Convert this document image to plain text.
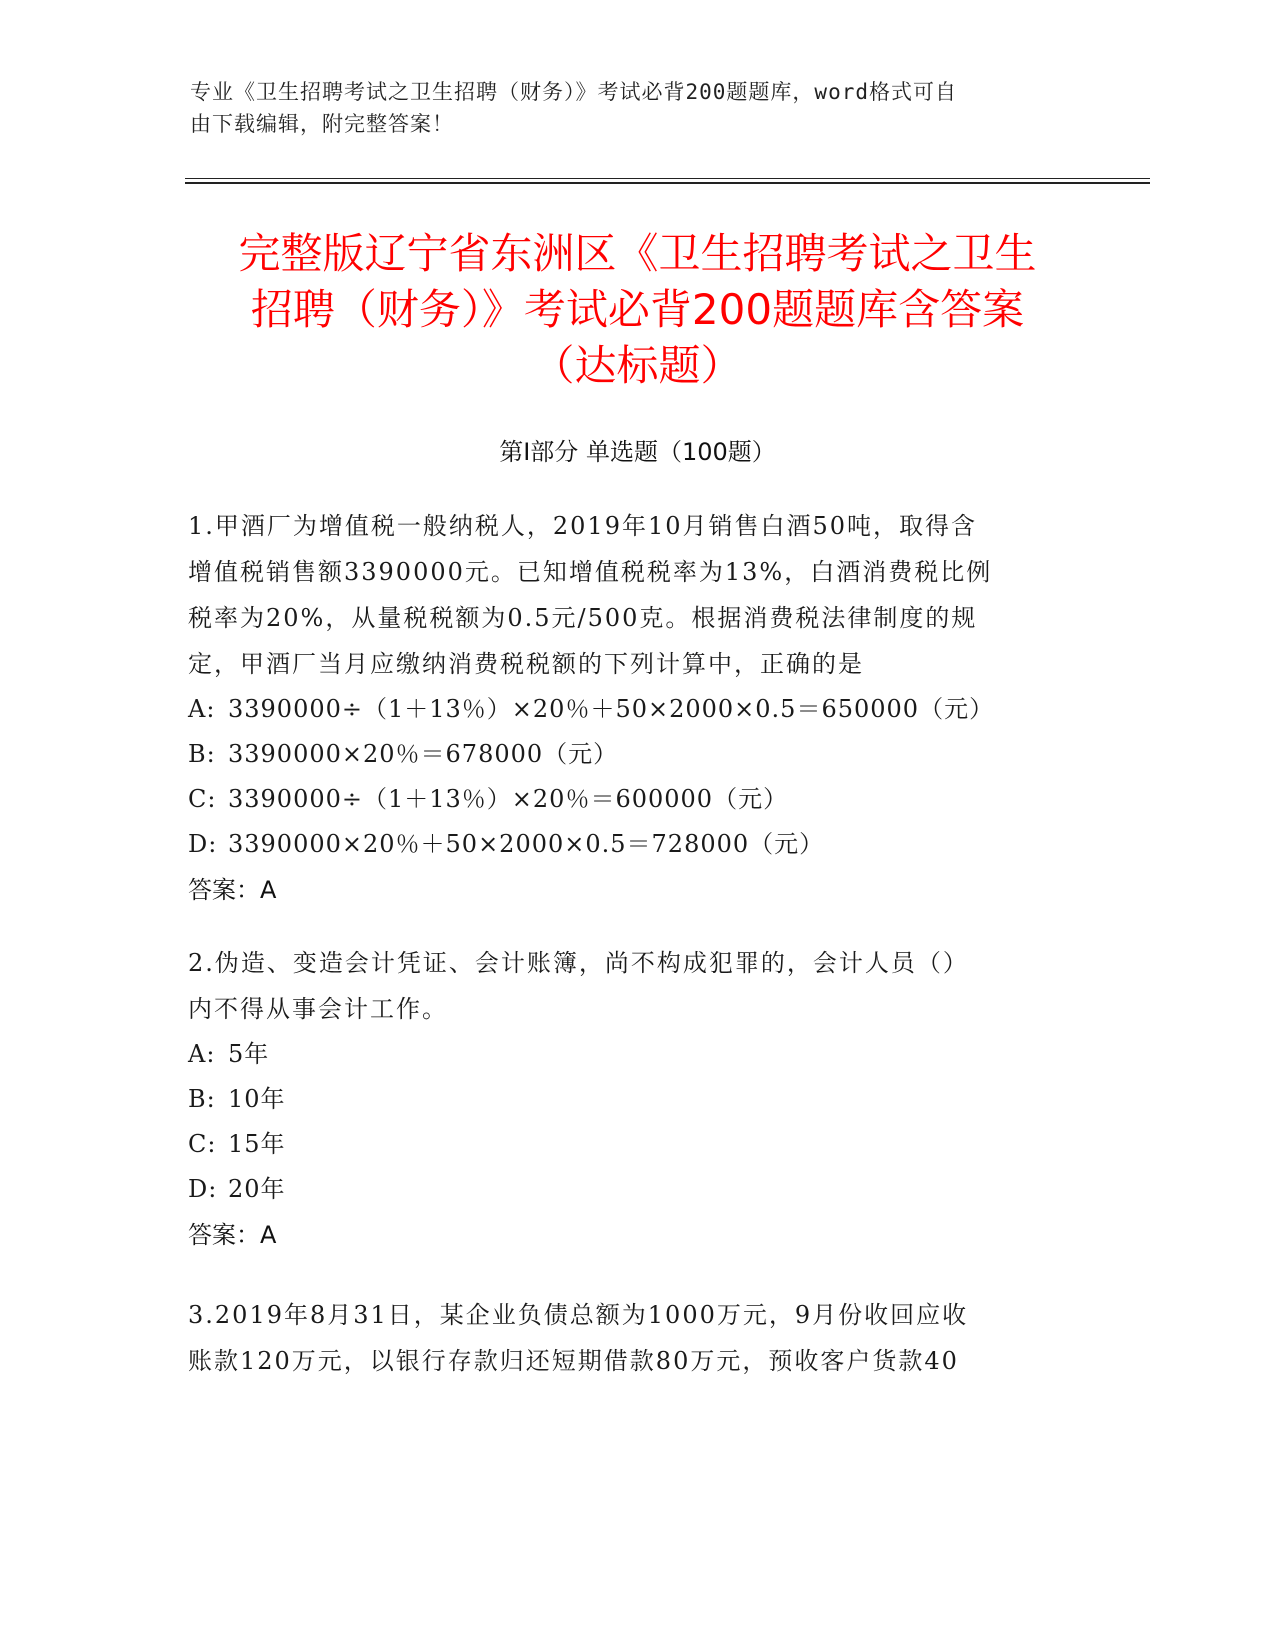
专业《卫生招聘考试之卫生招聘（财务）》考试必背200题题库，word格式可自
由下载编辑，附完整答案！
完整版辽宁省东洲区《卫生招聘考试之卫生
招聘（财务）》考试必背200题题库含答案
（达标题）
第Ⅰ部分 单选题（100题）
1.甲酒厂为增值税一般纳税人，2019年10月销售白酒50吨，取得含
增值税销售额3390000元。已知增值税税率为13%，白酒消费税比例
税率为20%，从量税税额为0.5元/500克。根据消费税法律制度的规
定，甲酒厂当月应缴纳消费税税额的下列计算中，正确的是
A: 3390000÷（1＋13％）×20％＋50×2000×0.5＝650000（元）
B: 3390000×20％＝678000（元）
C: 3390000÷（1＋13％）×20％＝600000（元）
D: 3390000×20％＋50×2000×0.5＝728000（元）
答案：A
2.伪造、变造会计凭证、会计账簿，尚不构成犯罪的，会计人员（）
内不得从事会计工作。
A: 5年
B: 10年
C: 15年
D: 20年
答案：A
3.2019年8月31日，某企业负债总额为1000万元，9月份收回应收
账款120万元，以银行存款归还短期借款80万元，预收客户货款40
